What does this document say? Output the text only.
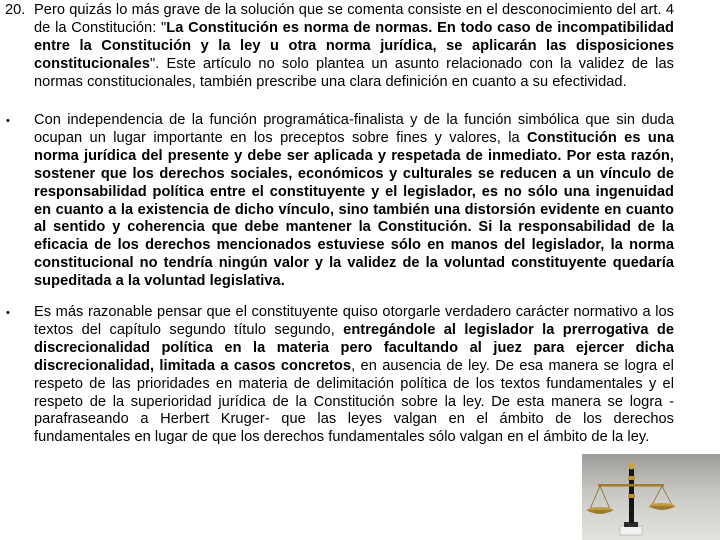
20. Pero quizás lo más grave de la solución que se comenta consiste en el desconocimiento del art. 4 de la Constitución: "La Constitución es norma de normas. En todo caso de incompatibilidad entre la Constitución y la ley u otra norma jurídica, se aplicarán las disposiciones constitucionales". Este artículo no solo plantea un asunto relacionado con la validez de las normas constitucionales, también prescribe una clara definición en cuanto a su efectividad.
• Con independencia de la función programática-finalista y de la función simbólica que sin duda ocupan un lugar importante en los preceptos sobre fines y valores, la Constitución es una norma jurídica del presente y debe ser aplicada y respetada de inmediato. Por esta razón, sostener que los derechos sociales, económicos y culturales se reducen a un vínculo de responsabilidad política entre el constituyente y el legislador, es no sólo una ingenuidad en cuanto a la existencia de dicho vínculo, sino también una distorsión evidente en cuanto al sentido y coherencia que debe mantener la Constitución. Si la responsabilidad de la eficacia de los derechos mencionados estuviese sólo en manos del legislador, la norma constitucional no tendría ningún valor y la validez de la voluntad constituyente quedaría supeditada a la voluntad legislativa.
• Es más razonable pensar que el constituyente quiso otorgarle verdadero carácter normativo a los textos del capítulo segundo título segundo, entregándole al legislador la prerrogativa de discrecionalidad política en la materia pero facultando al juez para ejercer dicha discrecionalidad, limitada a casos concretos, en ausencia de ley. De esa manera se logra el respeto de las prioridades en materia de delimitación política de los textos fundamentales y el respeto de la superioridad jurídica de la Constitución sobre la ley. De esta manera se logra -parafraseando a Herbert Kruger- que las leyes valgan en el ámbito de los derechos fundamentales en lugar de que los derechos fundamentales sólo valgan en el ámbito de la ley.
